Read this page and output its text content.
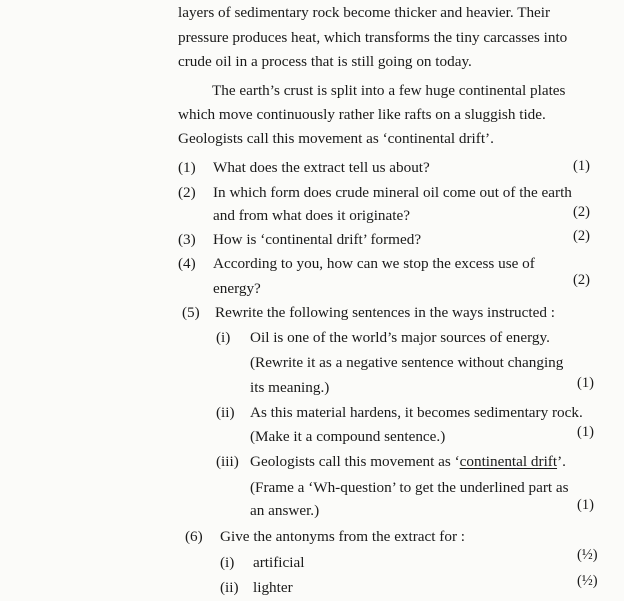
layers of sedimentary rock become thicker and heavier. Their
pressure produces heat, which transforms the tiny carcasses into
crude oil in a process that is still going on today.
The earth’s crust is split into a few huge continental plates
which move continuously rather like rafts on a sluggish tide.
Geologists call this movement as ‘continental drift’.
(1) What does the extract tell us about?	(1)
(2) In which form does crude mineral oil come out of the earth
and from what does it originate?	(2)
(3) How is ‘continental drift’ formed?	(2)
(4) According to you, how can we stop the excess use of
energy?	(2)
(5) Rewrite the following sentences in the ways instructed :
(i) Oil is one of the world’s major sources of energy.
(Rewrite it as a negative sentence without changing
its meaning.)	(1)
(ii) As this material hardens, it becomes sedimentary rock.
(Make it a compound sentence.)	(1)
(iii) Geologists call this movement as ‘continental drift’.
(Frame a ‘Wh-question’ to get the underlined part as
an answer.)	(1)
(6) Give the antonyms from the extract for :
(i) artificial	(½)
(ii) lighter	(½)
